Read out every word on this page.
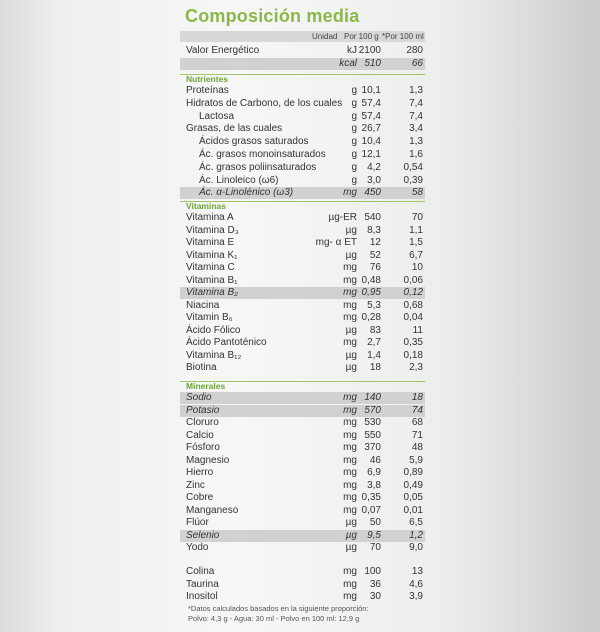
Composición media
Unidad Por 100 g *Por 100 ml
Valor Energético	kJ 2100	280
kcal 510	66
Nutrientes
Proteínas	g 10,1	1,3
Hidratos de Carbono, de los cuales g 57,4	7,4
Lactosa	g 57,4	7,4
Grasas, de las cuales	g 26,7	3,4
Ácidos grasos saturados	g 10,4	1,3
Ác. grasos monoinsaturados	g 12,1	1,6
Ác. grasos poliinsaturados	g	4,2	0,54
Ác. Linoleico (ω6)	g	3,0	0,39
Ác. α-Linolénico (ω3)	mg 450	58
Vitaminas
Vitamina A	µg-ER 540	70
Vitamina D₃	µg	8,3	1,1
Vitamina E	mg- α ET	12	1,5
Vitamina K₁	µg	52	6,7
Vitamina C	mg	76	10
Vitamina B₁	mg 0,48	0,06
Vitamina B₂	mg 0,95	0,12
Niacina	mg	5,3	0,68
Vitamin B₆	mg 0,28	0,04
Ácido Fólico	µg	83	11
Ácido Pantoténico	mg	2,7	0,35
Vitamina B₁₂	µg	1,4	0,18
Biotina	µg	18	2,3
Minerales
Sodio	mg 140	18
Potasio	mg 570	74
Cloruro	mg 530	68
Calcio	mg 550	71
Fósforo	mg 370	48
Magnesio	mg	46	5,9
Hierro	mg	6,9	0,89
Zinc	mg	3,8	0,49
Cobre	mg 0,35	0,05
Manganeso	mg 0,07	0,01
Flúor	µg	50	6,5
Selenio	µg	9,5	1,2
Yodo	µg	70	9,0
Colina	mg 100	13
Taurina	mg	36	4,6
Inositol	mg	30	3,9
*Datos calculados basados en la siguiente proporción:
Polvo: 4,3 g - Agua: 30 ml - Polvo en 100 ml: 12,9 g
